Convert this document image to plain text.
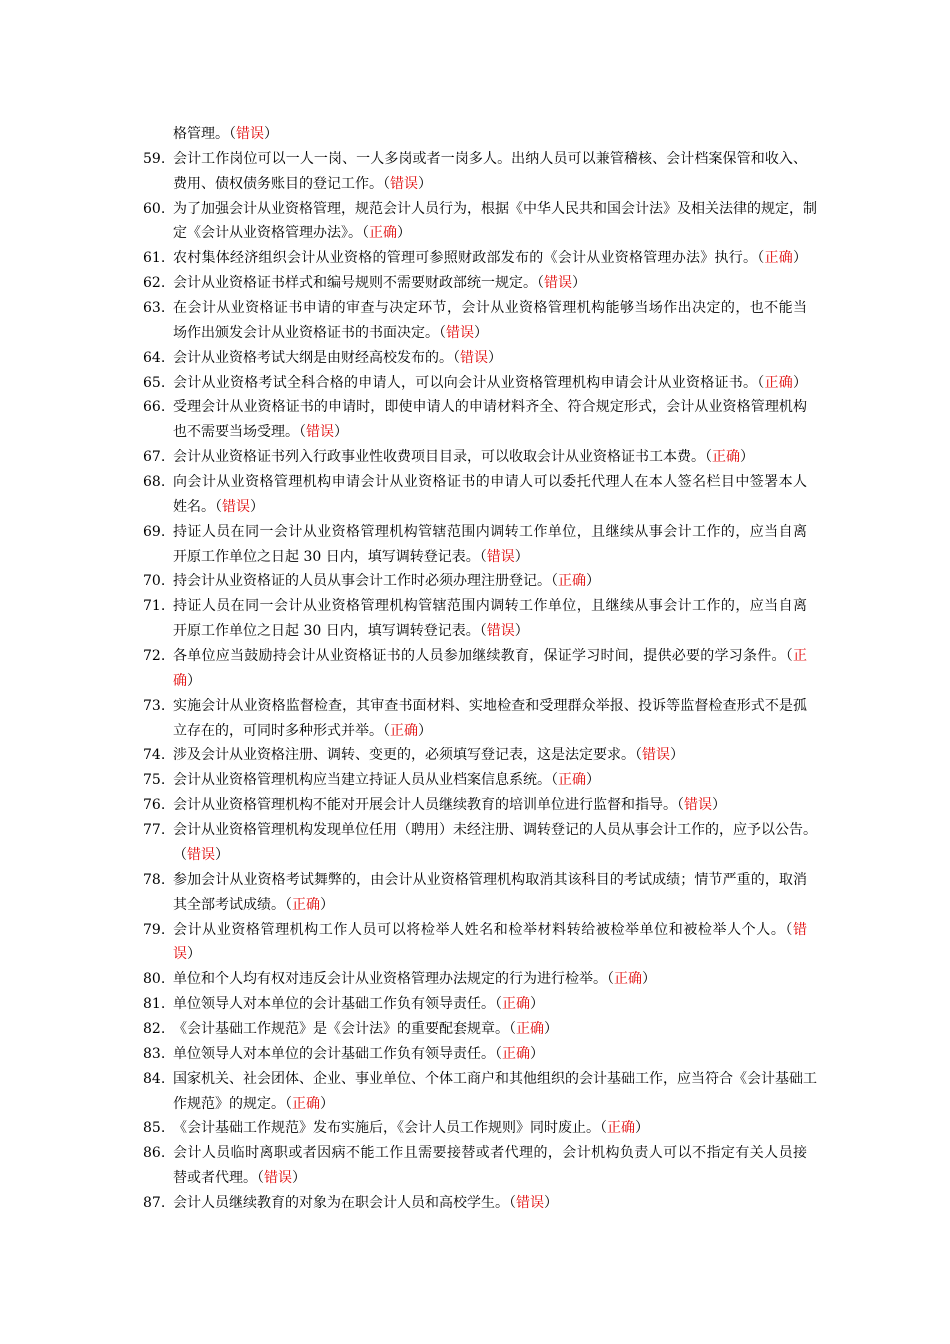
格管理。（错误）
59. 会计工作岗位可以一人一岗、一人多岗或者一岗多人。出纳人员可以兼管稽核、会计档案保管和收入、
费用、债权债务账目的登记工作。（错误）
60. 为了加强会计从业资格管理，规范会计人员行为，根据《中华人民共和国会计法》及相关法律的规定，制
定《会计从业资格管理办法》。（正确）
61. 农村集体经济组织会计从业资格的管理可参照财政部发布的《会计从业资格管理办法》执行。（正确）
62. 会计从业资格证书样式和编号规则不需要财政部统一规定。（错误）
63. 在会计从业资格证书申请的审查与决定环节，会计从业资格管理机构能够当场作出决定的，也不能当
场作出颁发会计从业资格证书的书面决定。（错误）
64. 会计从业资格考试大纲是由财经高校发布的。（错误）
65. 会计从业资格考试全科合格的申请人，可以向会计从业资格管理机构申请会计从业资格证书。（正确）
66. 受理会计从业资格证书的申请时，即使申请人的申请材料齐全、符合规定形式，会计从业资格管理机构
也不需要当场受理。（错误）
67. 会计从业资格证书列入行政事业性收费项目目录，可以收取会计从业资格证书工本费。（正确）
68. 向会计从业资格管理机构申请会计从业资格证书的申请人可以委托代理人在本人签名栏目中签署本人
姓名。（错误）
69. 持证人员在同一会计从业资格管理机构管辖范围内调转工作单位，且继续从事会计工作的，应当自离
开原工作单位之日起 30 日内，填写调转登记表。（错误）
70. 持会计从业资格证的人员从事会计工作时必须办理注册登记。（正确）
71. 持证人员在同一会计从业资格管理机构管辖范围内调转工作单位，且继续从事会计工作的，应当自离
开原工作单位之日起 30 日内，填写调转登记表。（错误）
72. 各单位应当鼓励持会计从业资格证书的人员参加继续教育，保证学习时间，提供必要的学习条件。（正
确）
73. 实施会计从业资格监督检查，其审查书面材料、实地检查和受理群众举报、投诉等监督检查形式不是孤
立存在的，可同时多种形式并举。（正确）
74. 涉及会计从业资格注册、调转、变更的，必须填写登记表，这是法定要求。（错误）
75. 会计从业资格管理机构应当建立持证人员从业档案信息系统。（正确）
76. 会计从业资格管理机构不能对开展会计人员继续教育的培训单位进行监督和指导。（错误）
77. 会计从业资格管理机构发现单位任用（聘用）未经注册、调转登记的人员从事会计工作的，应予以公告。
（错误）
78. 参加会计从业资格考试舞弊的，由会计从业资格管理机构取消其该科目的考试成绩；情节严重的，取消
其全部考试成绩。（正确）
79. 会计从业资格管理机构工作人员可以将检举人姓名和检举材料转给被检举单位和被检举人个人。（错
误）
80. 单位和个人均有权对违反会计从业资格管理办法规定的行为进行检举。（正确）
81. 单位领导人对本单位的会计基础工作负有领导责任。（正确）
82. 《会计基础工作规范》是《会计法》的重要配套规章。（正确）
83. 单位领导人对本单位的会计基础工作负有领导责任。（正确）
84. 国家机关、社会团体、企业、事业单位、个体工商户和其他组织的会计基础工作，应当符合《会计基础工
作规范》的规定。（正确）
85. 《会计基础工作规范》发布实施后，《会计人员工作规则》同时废止。（正确）
86. 会计人员临时离职或者因病不能工作且需要接替或者代理的，会计机构负责人可以不指定有关人员接
替或者代理。（错误）
87. 会计人员继续教育的对象为在职会计人员和高校学生。（错误）
